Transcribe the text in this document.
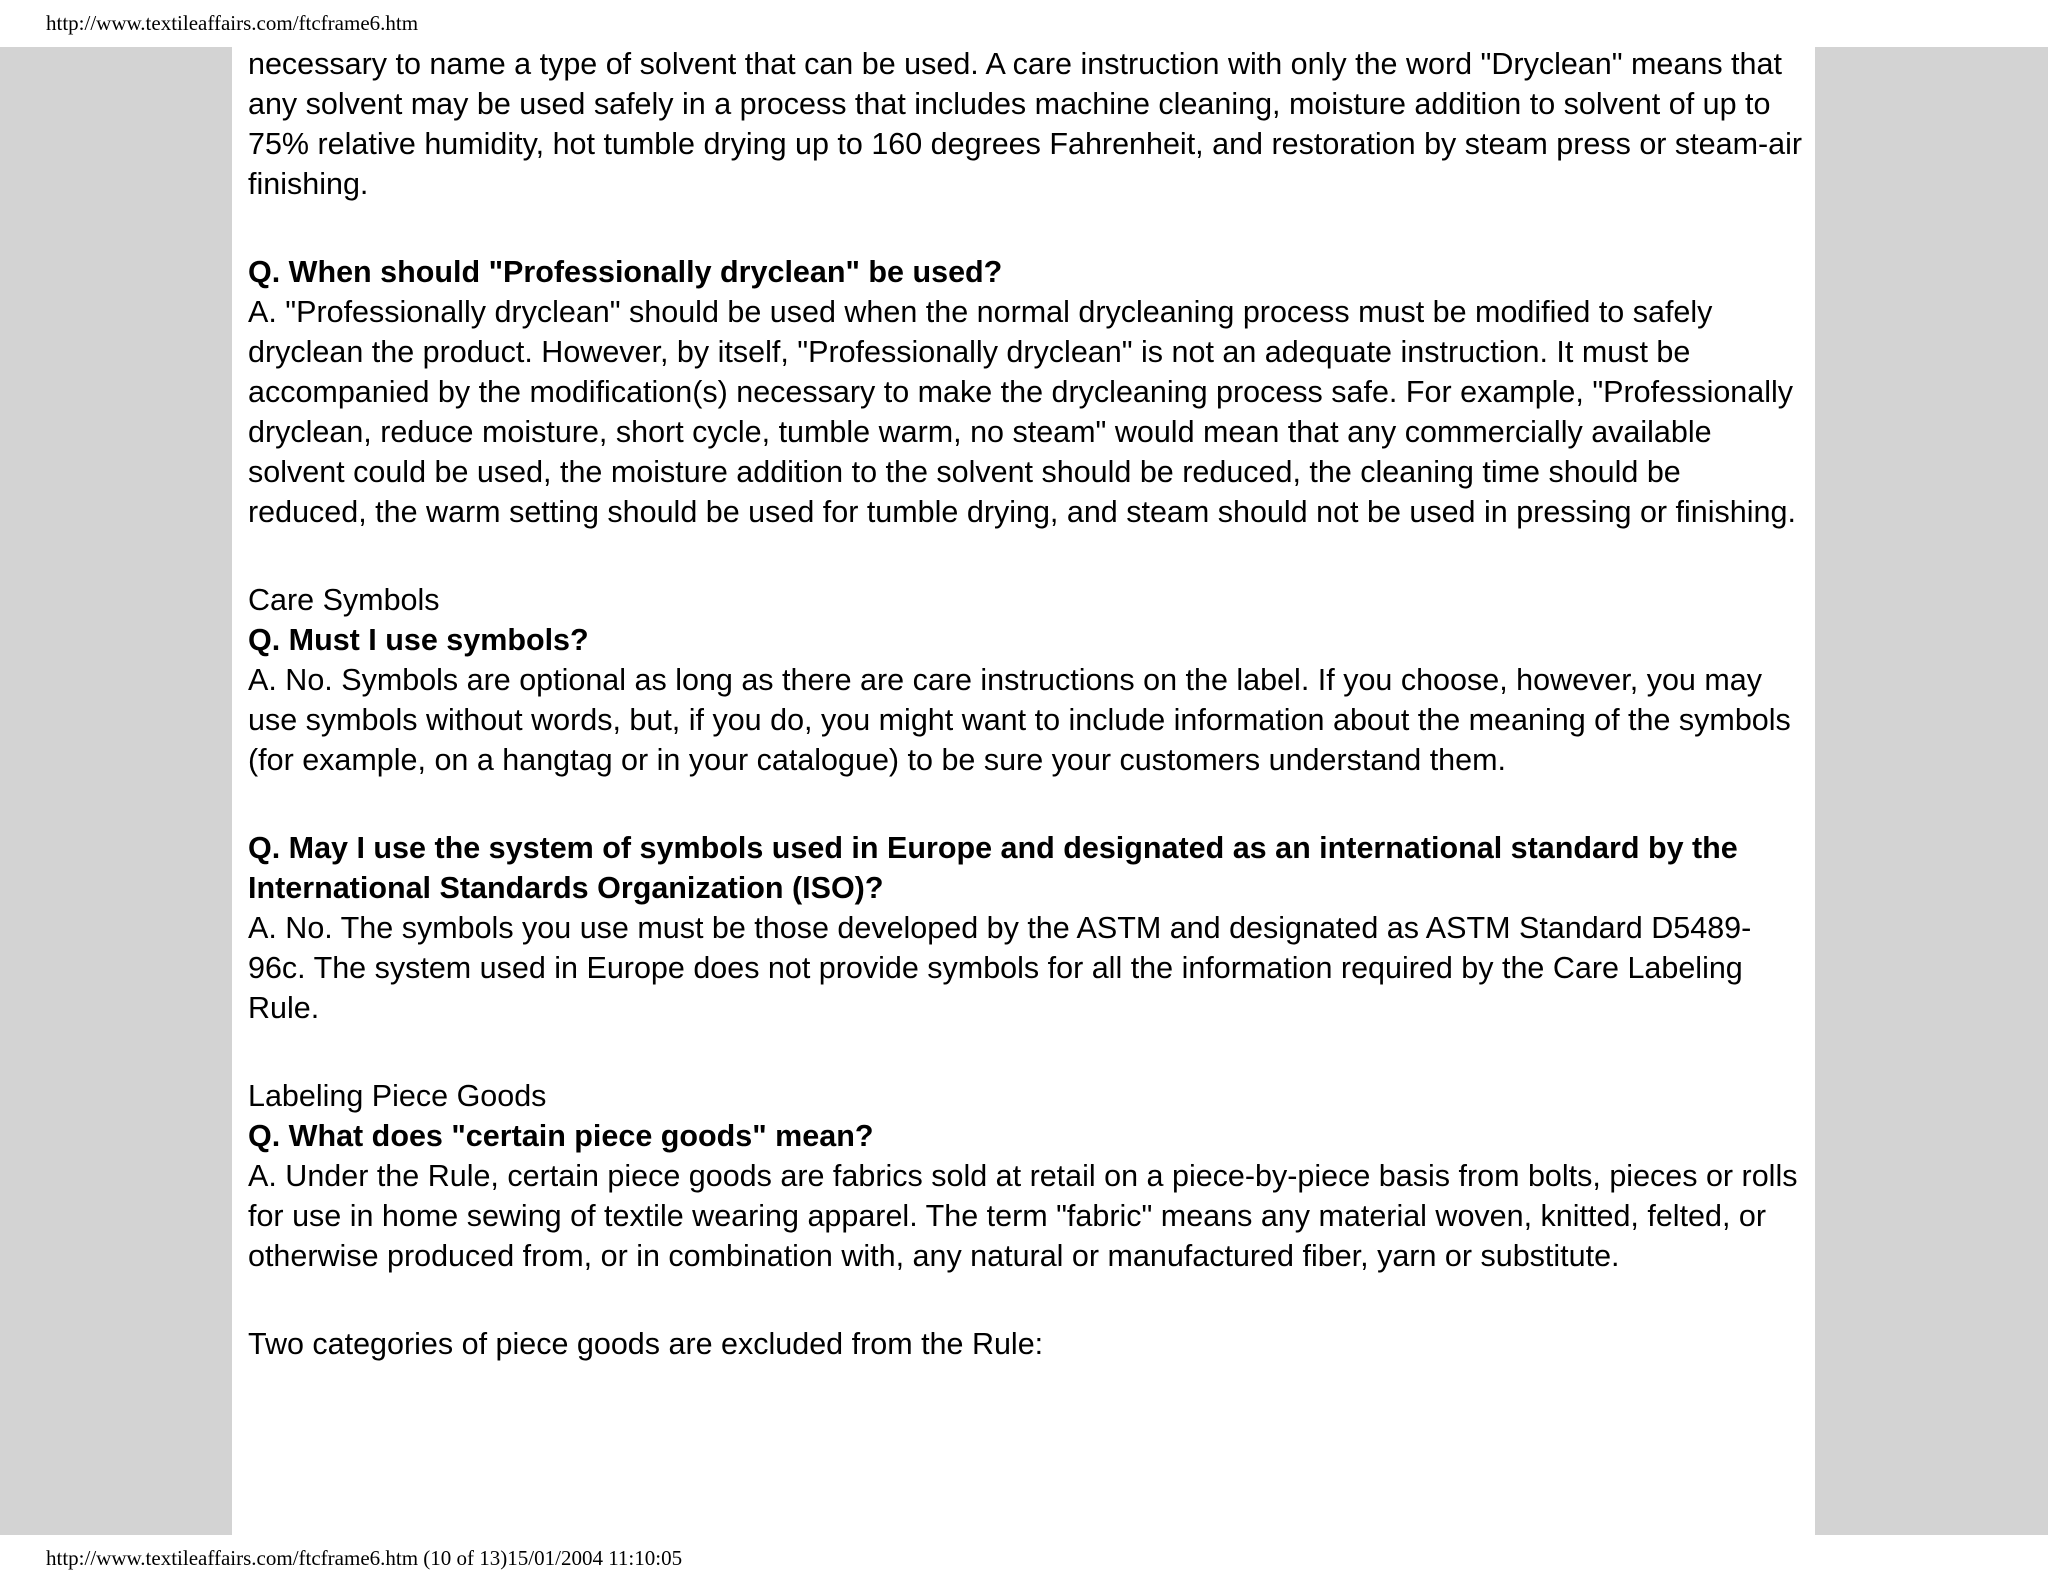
http://www.textileaffairs.com/ftcframe6.htm

necessary to name a type of solvent that can be used. A care instruction with only the word "Dryclean" means that any solvent may be used safely in a process that includes machine cleaning, moisture addition to solvent of up to 75% relative humidity, hot tumble drying up to 160 degrees Fahrenheit, and restoration by steam press or steam-air finishing.

Q. When should "Professionally dryclean" be used?

A. "Professionally dryclean" should be used when the normal drycleaning process must be modified to safely dryclean the product. However, by itself, "Professionally dryclean" is not an adequate instruction. It must be accompanied by the modification(s) necessary to make the drycleaning process safe. For example, "Professionally dryclean, reduce moisture, short cycle, tumble warm, no steam" would mean that any commercially available solvent could be used, the moisture addition to the solvent should be reduced, the cleaning time should be reduced, the warm setting should be used for tumble drying, and steam should not be used in pressing or finishing.

Care Symbols

Q. Must I use symbols?

A. No. Symbols are optional as long as there are care instructions on the label. If you choose, however, you may use symbols without words, but, if you do, you might want to include information about the meaning of the symbols (for example, on a hangtag or in your catalogue) to be sure your customers understand them.

Q. May I use the system of symbols used in Europe and designated as an international standard by the International Standards Organization (ISO)?

A. No. The symbols you use must be those developed by the ASTM and designated as ASTM Standard D5489-96c. The system used in Europe does not provide symbols for all the information required by the Care Labeling Rule.

Labeling Piece Goods

Q. What does "certain piece goods" mean?

A. Under the Rule, certain piece goods are fabrics sold at retail on a piece-by-piece basis from bolts, pieces or rolls for use in home sewing of textile wearing apparel. The term "fabric" means any material woven, knitted, felted, or otherwise produced from, or in combination with, any natural or manufactured fiber, yarn or substitute.

Two categories of piece goods are excluded from the Rule:

http://www.textileaffairs.com/ftcframe6.htm (10 of 13)15/01/2004 11:10:05
